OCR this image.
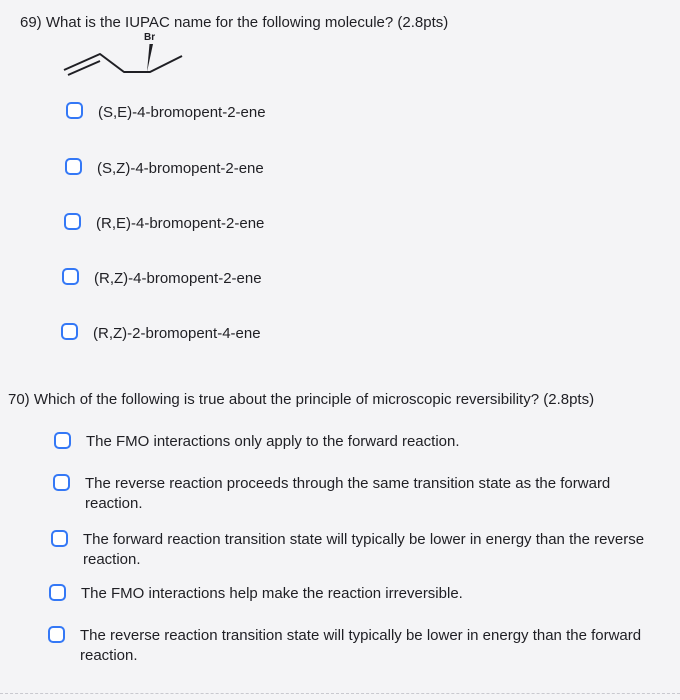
69) What is the IUPAC name for the following molecule? (2.8pts)
Br
(S,E)-4-bromopent-2-ene
(S,Z)-4-bromopent-2-ene
(R,E)-4-bromopent-2-ene
(R,Z)-4-bromopent-2-ene
(R,Z)-2-bromopent-4-ene
70) Which of the following is true about the principle of microscopic reversibility? (2.8pts)
The FMO interactions only apply to the forward reaction.
The reverse reaction proceeds through the same transition state as the forward reaction.
The forward reaction transition state will typically be lower in energy than the reverse reaction.
The FMO interactions help make the reaction irreversible.
The reverse reaction transition state will typically be lower in energy than the forward reaction.
